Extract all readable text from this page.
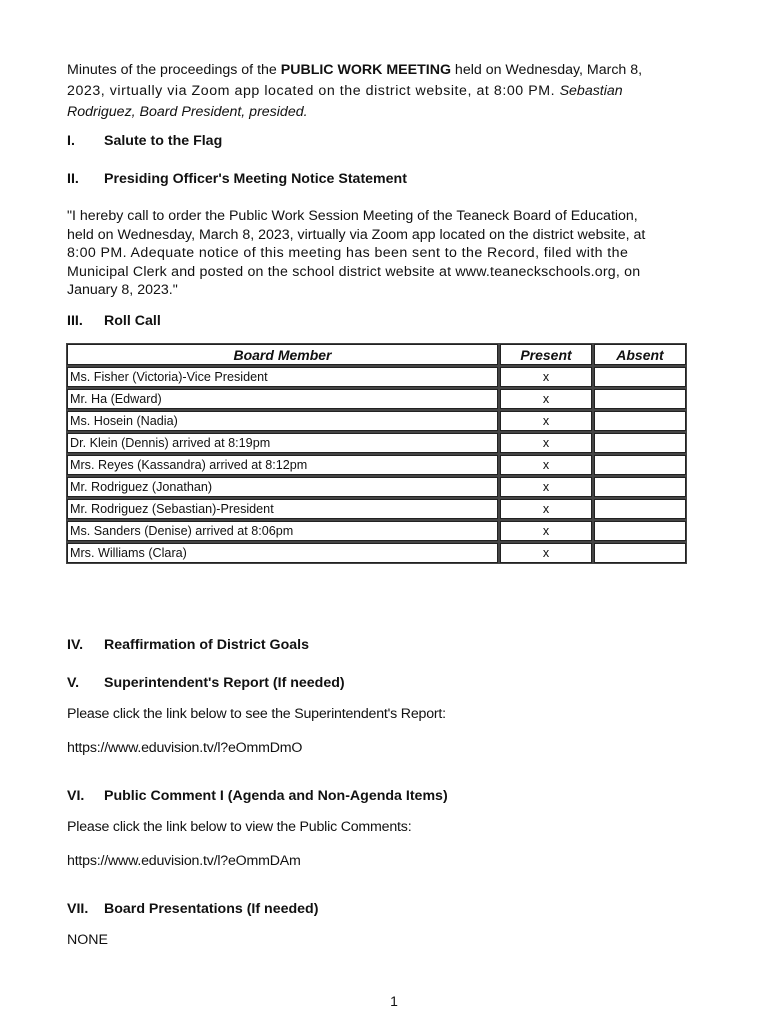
Minutes of the proceedings of the PUBLIC WORK MEETING held on Wednesday, March 8,
2023, virtually via Zoom app located on the district website, at 8:00 PM. Sebastian
Rodriguez, Board President, presided.

I.	Salute to the Flag
II.	Presiding Officer's Meeting Notice Statement
"I hereby call to order the Public Work Session Meeting of the Teaneck Board of Education,
held on Wednesday, March 8, 2023, virtually via Zoom app located on the district website, at
8:00 PM. Adequate notice of this meeting has been sent to the Record, filed with the
Municipal Clerk and posted on the school district website at www.teaneckschools.org, on
January 8, 2023."
III.	Roll Call
Board Member	Present	Absent
Ms. Fisher (Victoria)-Vice President	x	
Mr. Ha (Edward)	x	
Ms. Hosein (Nadia)	x	
Dr. Klein (Dennis) arrived at 8:19pm	x	
Mrs. Reyes (Kassandra) arrived at 8:12pm	x	
Mr. Rodriguez (Jonathan)	x	
Mr. Rodriguez (Sebastian)-President	x	
Ms. Sanders (Denise) arrived at 8:06pm	x	
Mrs. Williams (Clara)	x	
IV.	Reaffirmation of District Goals
V.	Superintendent's Report (If needed)

Please click the link below to see the Superintendent's Report:

https://www.eduvision.tv/l?eOmmDmO

VI.	Public Comment I (Agenda and Non-Agenda Items)

Please click the link below to view the Public Comments:

https://www.eduvision.tv/l?eOmmDAm

VII.	Board Presentations (If needed)

NONE

1
